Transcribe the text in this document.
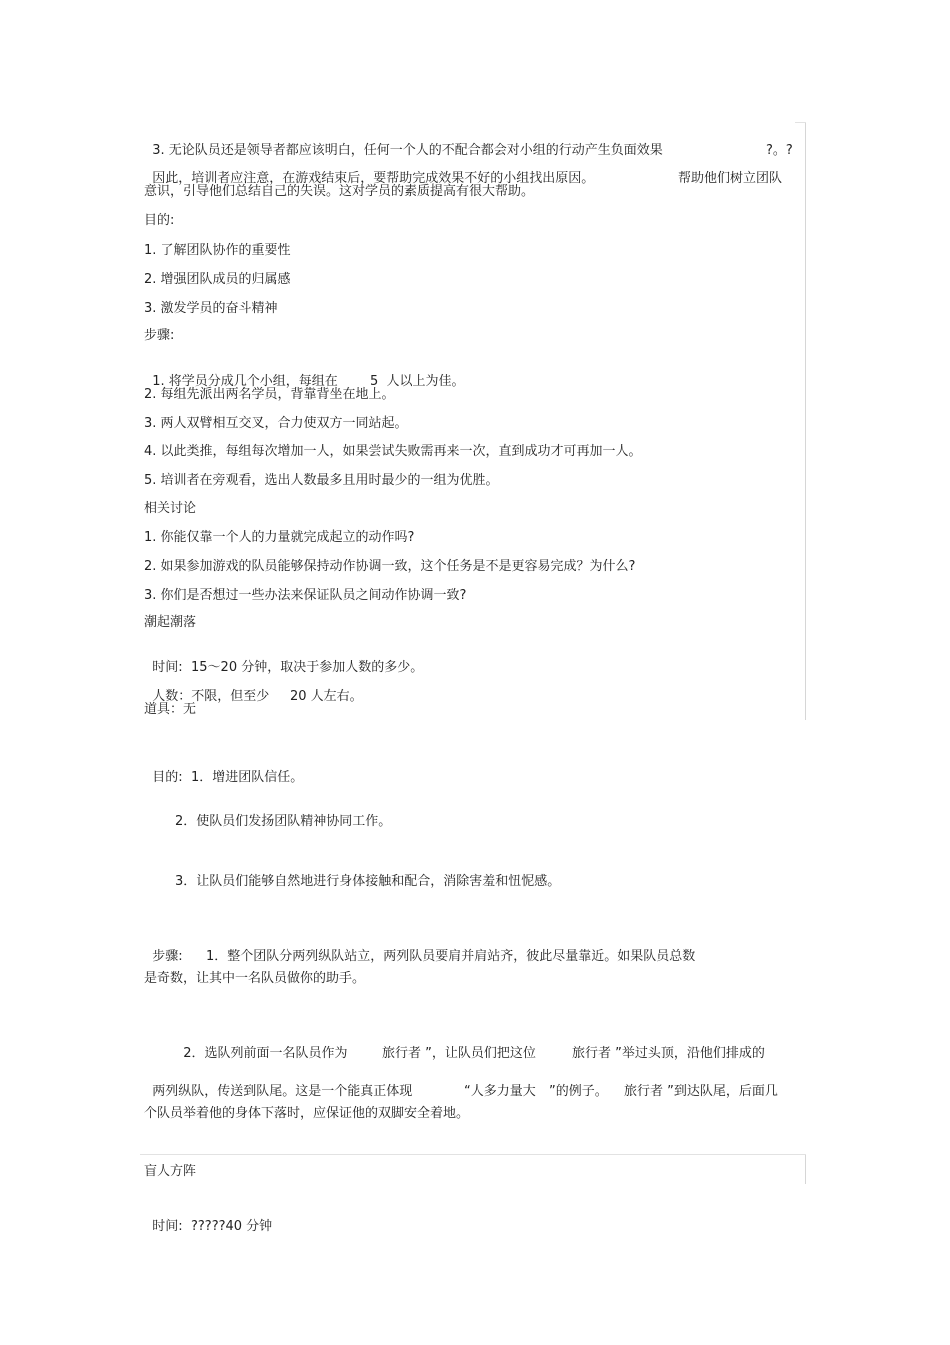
3. 无论队员还是领导者都应该明白，任何一个人的不配合都会对小组的行动产生负面效果	?。?

因此，培训者应注意，在游戏结束后，要帮助完成效果不好的小组找出原因。	帮助他们树立团队

意识，引导他们总结自己的失误。这对学员的素质提高有很大帮助。
目的:
1. 了解团队协作的重要性
2. 增强团队成员的归属感
3. 激发学员的奋斗精神
步骤:

1. 将学员分成几个小组，每组在 5  人以上为佳。

2. 每组先派出两名学员，背靠背坐在地上。
3. 两人双臂相互交叉，合力使双方一同站起。
4. 以此类推，每组每次增加一人，如果尝试失败需再来一次，直到成功才可再加一人。
5. 培训者在旁观看，选出人数最多且用时最少的一组为优胜。
相关讨论
1. 你能仅靠一个人的力量就完成起立的动作吗?
2. 如果参加游戏的队员能够保持动作协调一致，这个任务是不是更容易完成？为什么?
3. 你们是否想过一些办法来保证队员之间动作协调一致?
潮起潮落

时间: 15～20 分钟，取决于参加人数的多少。

人数：不限，但至少 20 人左右。

道具：无

目的: 1．增进团队信任。

2．使队员们发扬团队精神协同工作。
3．让队员们能够自然地进行身体接触和配合，消除害羞和忸怩感。

步骤: 1．整个团队分两列纵队站立，两列队员要肩并肩站齐，彼此尽量靠近。如果队员总数

是奇数，让其中一名队员做你的助手。

2．选队列前面一名队员作为	旅行者 ”，让队员们把这位	旅行者 ”举过头顶，沿他们排成的

两列纵队，传送到队尾。这是一个能真正体现	“人多力量大 ”的例子。 旅行者 ”到达队尾，后面几

个队员举着他的身体下落时，应保证他的双脚安全着地。
盲人方阵

时间: ?????40 分钟
